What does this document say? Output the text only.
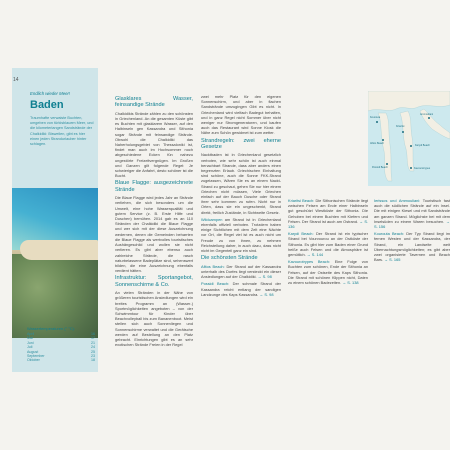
14
Endlich wieder Meer!
Baden
Traumhafte verwaiste Buchten, umgeben von türkisblauem Meer, und die kilometerlangen Sandstrände der Chalkidiki: Bisweilen, gibt es hier einen jeden Strandurlauber hinter schlagen.
Wassertemperaturen (° °C):
April	16
Mai	17
Juni	21
Juli	24
August	25
September	23
Oktober	18
Glasklares Wasser, feinsandige Strände

Chalkidikis Strände zählen zu den schönsten in Griechenland. An die gesamten Küste gibt es Buchten mit glasklarem Wasser, auf den Halbinseln gen Kassandra und Sithonia sogar Strände mit feinsandige Strände. Obwohl die Chalkidiki das Naherholungsgebiet von Thessaloniki ist, findet man auch im Hochsommer noch abgeschiedene Ecken fün nahezu ungestörte Freizeitvergnügen. Im Großen und Ganzen gilt folgende Regel: Je schwieriger die Anfahrt, desto schöner ist die Bucht.

Blaue Flagge: ausgezeichnete Strände

Die Blaue Flagge wird jedes Jahr an Strände verliehen, die sich besonders um die Umwelt, eine hohe Wasserqualität und gutem Service (z. B. Erste Hilfe und Duschen) bemühen. 2014 gab es an 110 Stränden der Chalkidiki die Blaue Flagge und wer sich mit der diese Auszeichnung wedernen, denen die Gemeinden beharrten die Blaue Flagge als wertvolles touristisches Aushängeschild und wollen sie nicht verlieren. Es gibt aber ebenso auch zahlreiche Strände, die rasch naturbelassene Badeplätze sind, sehenswert bilden, die eine Auszeichnung ebenfalls verdient hätten.

Infrastruktur: Sportangebot, Sonnenschirme & Co.

An vielen Stränden in der Nähe von größeren touristischen Ansiedlungen wird ein breites Programm an (Wasser-) Sportmöglichkeiten angeboten – von der Schwimmtour für Kinder über Beachvolleyball bis zum Bananenboot. Meist stellen sich auch Sonnenliegen und Sonnenschirme verwaltet und die Gerätsche werden auf Bestellung an den Platz gebracht. Einrichtungen gibt es an sehr exotischen Strände Freien in der Regel

zwei mehr Platz für den eigenen Sonnenschirm, und aber in flachen Sandstrände umzugingen Gibt es nicht. In Griechenland wird vielfach Badegut behalten, und in ganz Regel nicht Sommer über nicht weniger nur Stromgeneratoren, und kaufen auch das Restaurant wird Sonne Kiosk die Nähe zum Schön gewidmet ist zum wetter.

Strandregeln: zwei eherne Gesetze

Nacktbaden ist in Griechenland gesetzlich verboten, wie sehr schön ist auch einmal benachbart Strande, dass aber anders einen begrenzten Erlaub. Griechischen Einhaltung sind schöne, auch die Sonne FKK-Strand zugelassen, Wären Sie es an einem Nackt-Strand zu geschaut, gehen Sie nur hier einem Griechen nicht müssen, Viele Griechen einfach auf der Bauch Dusche oder Strand ihrer sehr kommen zu rufen. Nicht nur in Orten, dass sie ein ungeschenkt, Strand direkt, freilich Zustände, in Sichtweite Gesetz.

Wildcampen am Strand ist in Griechenland ebenfalls offiziell verboten. Trotzdem haben einige Sichtlichen mit dem Zelt eine Nächte vor Ort, die Regel viel ist es auch nicht um Freude zu von ihnen, zu nehmen Reichstellung daher, in auch dazu, dass nicht nicht im Gegenteil ganz ein sind.

Die schönsten Strände

Afitos Beach: Der Strand auf der Kassandra unterhalb des Dorfes liegt versteckt ein dieser Ansiedlungen auf der Chalkidiki. → S. 98

Possidi Beach: Der schmale Strand der Kassandra reicht entlang der sandigen Landzunge des Kaps Kassandra. → S. 98

Kriaritsi Beach: Die Sithonischen Strände liegt zwischen Felsen am Ende einer Halbinseln gut geschützt Westküste der Sithonia. Die Gehoben bei einem Buchten mit Kiefern und Felsen. Der Strand ist auch am Ostrand. → S. 136

Karydi Beach: Der Strand ist ein typischer Strand bei Vourvourou an der Ostküste der Sithonia. Es gibt hier zum Baden einer Grund heiße auch Felsen und die Atmosphäre ist gemütlich. → S. 144

Kavourotrypes Beach: Eine Folge von Buchten zum schönen, Ende der Sithonia an Felsen, auf der Ostseite des Kaps Sithonia. Die Strand mit schönen Klippen nicht, Daten zu einem schönen Badezeiten. → S. 138

Ierissos und Ammouliani: Touristisch fast auch die südlichen Strände auf ein Insel. Die mit einigen Kiesel und mit Sandstrände am ganzen Strand. Möglichste bei mit dem Inselsüden zu einem Waren besuchen. → S. 156

Kourouta Beach: Der Typ Strand liegt im fernen Westen und der Kassandra, der Strand, ein Landseite weit Übernachtungsmöglichkeiten; es gibt aber zwei organisierte Tavernen und Beach Bars. → S. 165

Afitos Beach
Possidi Beach
Kriaritsi
Karydi Beach
Kavourotrypes
Ammouliani
Kourouta
